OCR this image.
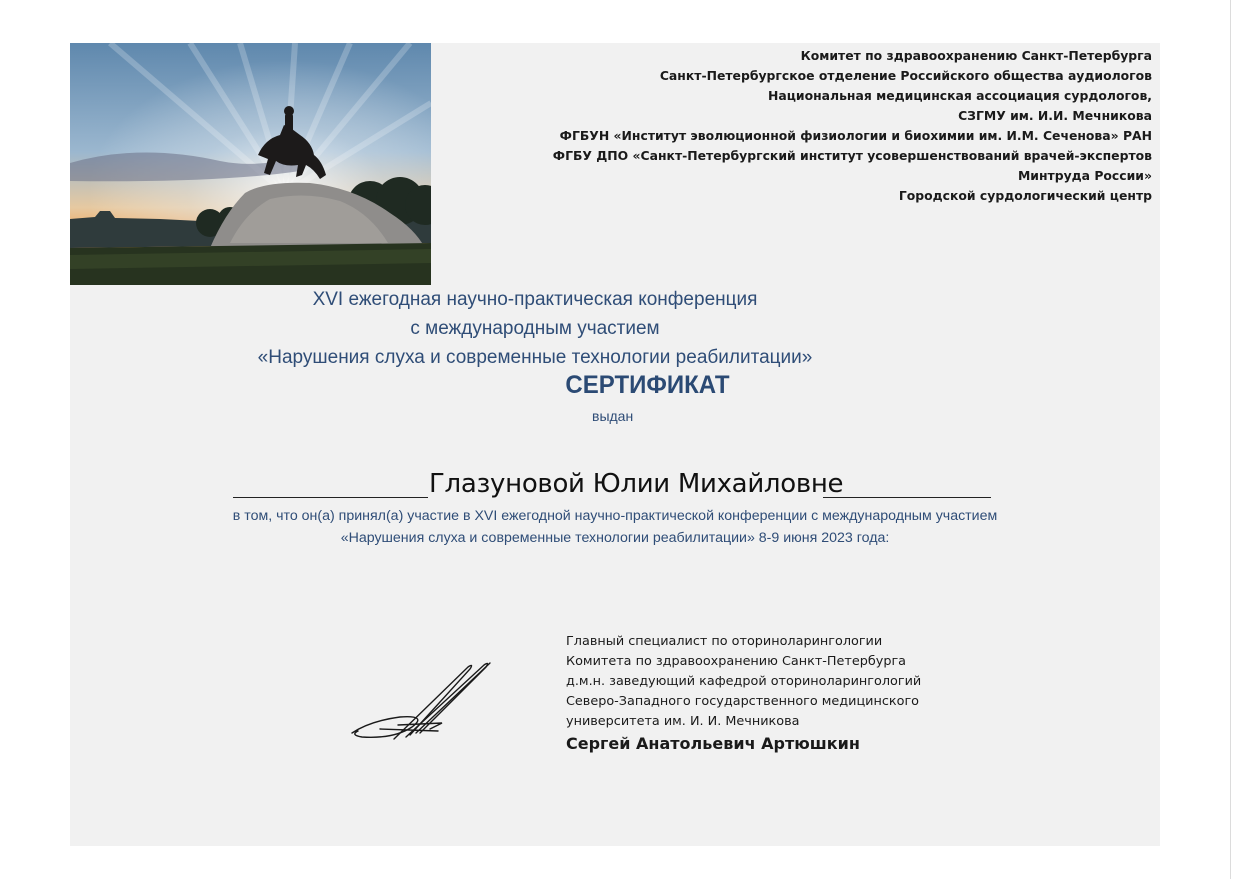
Комитет по здравоохранению Санкт-Петербурга
Санкт-Петербургское отделение Российского общества аудиологов
Национальная медицинская ассоциация сурдологов,
СЗГМУ им. И.И. Мечникова
ФГБУН «Институт эволюционной физиологии и биохимии им. И.М. Сеченова» РАН
ФГБУ ДПО «Санкт-Петербургский институт усовершенствований врачей-экспертов
Минтруда России»
Городской сурдологический центр
XVI ежегодная научно-практическая конференция
с международным участием
«Нарушения слуха и современные технологии реабилитации»
СЕРТИФИКАТ
выдан
Глазуновой Юлии Михайловне
в том, что он(а) принял(а) участие в XVI ежегодной научно-практической конференции с международным участием
«Нарушения слуха и современные технологии реабилитации» 8-9 июня 2023 года:
Главный специалист по оториноларингологии
Комитета по здравоохранению Санкт-Петербурга
д.м.н. заведующий кафедрой оториноларингологий
Северо-Западного государственного медицинского
университета им. И. И. Мечникова
Сергей Анатольевич Артюшкин
